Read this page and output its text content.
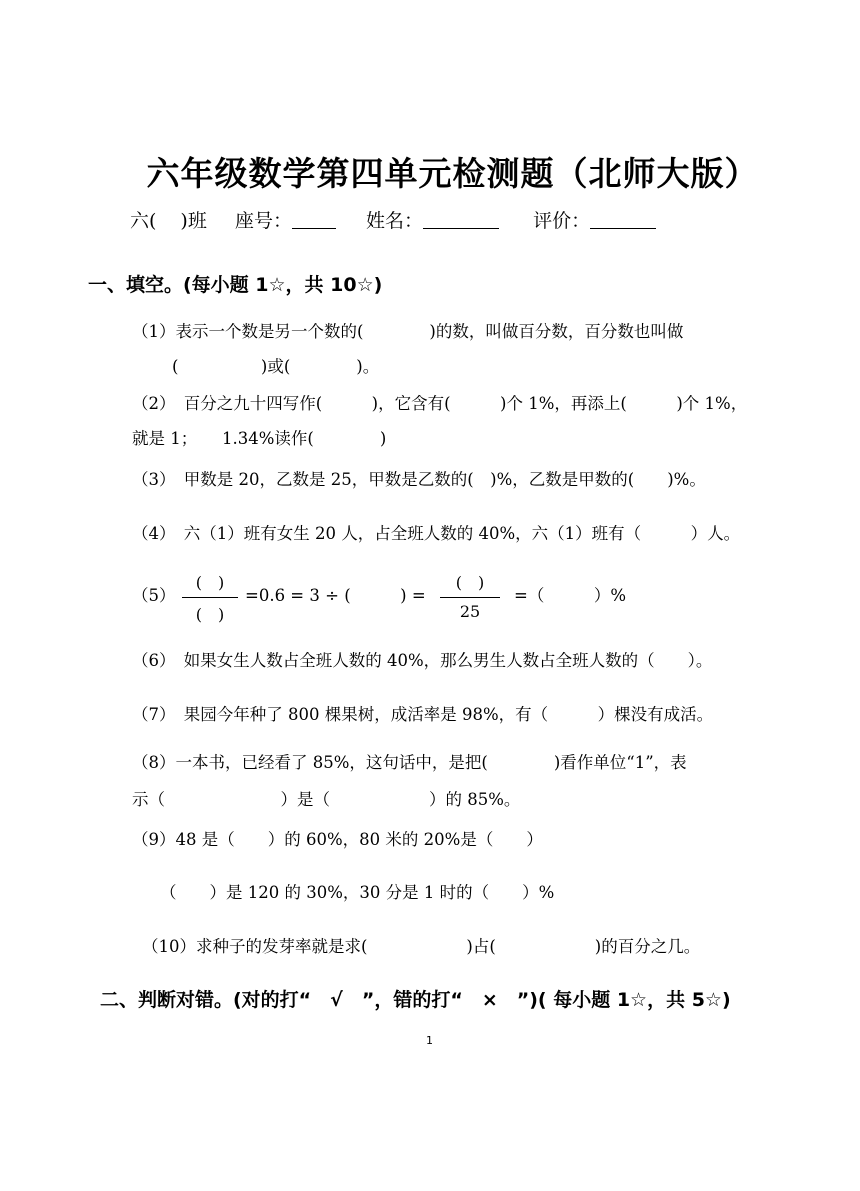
六年级数学第四单元检测题（北师大版）
六( )班 座号：	姓名：	评价：
一、填空。(每小题 1☆，共 10☆)
（1）表示一个数是另一个数的(　　　　)的数，叫做百分数，百分数也叫做
(　　　　　)或(　　　　)。
（2）　百分之九十四写作(　　　)，它含有(　　　)个 1%，再添上(　　　)个 1%，
就是 1；　　1.34%读作(　　　　)
（3）　甲数是 20，乙数是 25，甲数是乙数的(　)%，乙数是甲数的(　　)%。
（4）　六（1）班有女生 20 人，占全班人数的 40%，六（1）班有（　　　）人。
（5）
(　)
(　)
=0.6 = 3 ÷ (　　　) =
(　)
25
=（　　　）%
（6）　如果女生人数占全班人数的 40%，那么男生人数占全班人数的（　　）。
（7）　果园今年种了 800 棵果树，成活率是 98%，有（　　　）棵没有成活。
（8）一本书，已经看了 85%，这句话中，是把(　　　　)看作单位“1”，表
示（　　　　　　　）是（　　　　　　）的 85%。
（9）48 是（　　）的 60%，80 米的 20%是（　　）
（　　）是 120 的 30%，30 分是 1 时的（　　）%
（10）求种子的发芽率就是求(　　　　　　)占(　　　　　　)的百分之几。
二、判断对错。(对的打“　√　”，错的打“　×　”)( 每小题 1☆，共 5☆)
1
